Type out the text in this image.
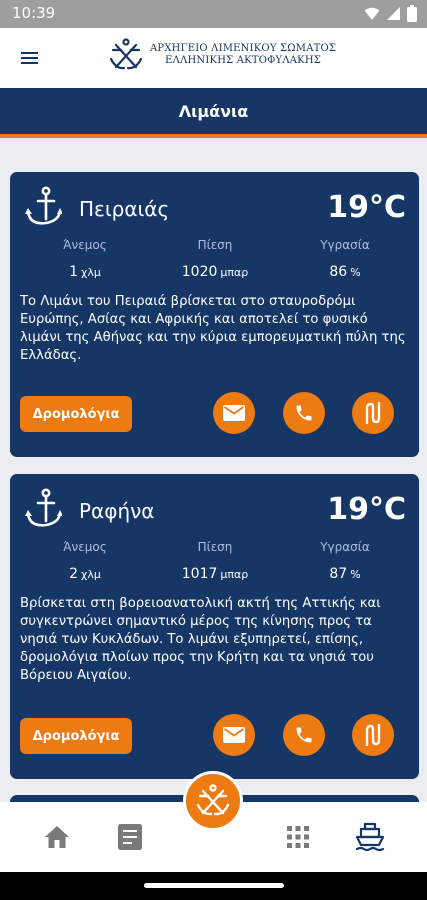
10:39
ΑΡΧΗΓΕΙΟ ΛΙΜΕΝΙΚΟΥ ΣΩΜΑΤΟΣ
ΕΛΛΗΝΙΚΗΣ ΑΚΤΟΦΥΛΑΚΗΣ
Λιμάνια
Πειραιάς	19°C
Άνεμος
1 χλμ
Πίεση
1020 μπαρ
Υγρασία
86 %

Το Λιμάνι του Πειραιά βρίσκεται στο σταυροδρόμι Ευρώπης, Ασίας και Αφρικής και αποτελεί το φυσικό λιμάνι της Αθήνας και την κύρια εμπορευματική πύλη της Ελλάδας.

Δρομολόγια
Ραφήνα	19°C
Άνεμος
2 χλμ
Πίεση
1017 μπαρ
Υγρασία
87 %

Βρίσκεται στη βορειοανατολική ακτή της Αττικής και συγκεντρώνει σημαντικό μέρος της κίνησης προς τα νησιά των Κυκλάδων. Το λιμάνι εξυπηρετεί, επίσης, δρομολόγια πλοίων προς την Κρήτη και τα νησιά του Βόρειου Αιγαίου.

Δρομολόγια
